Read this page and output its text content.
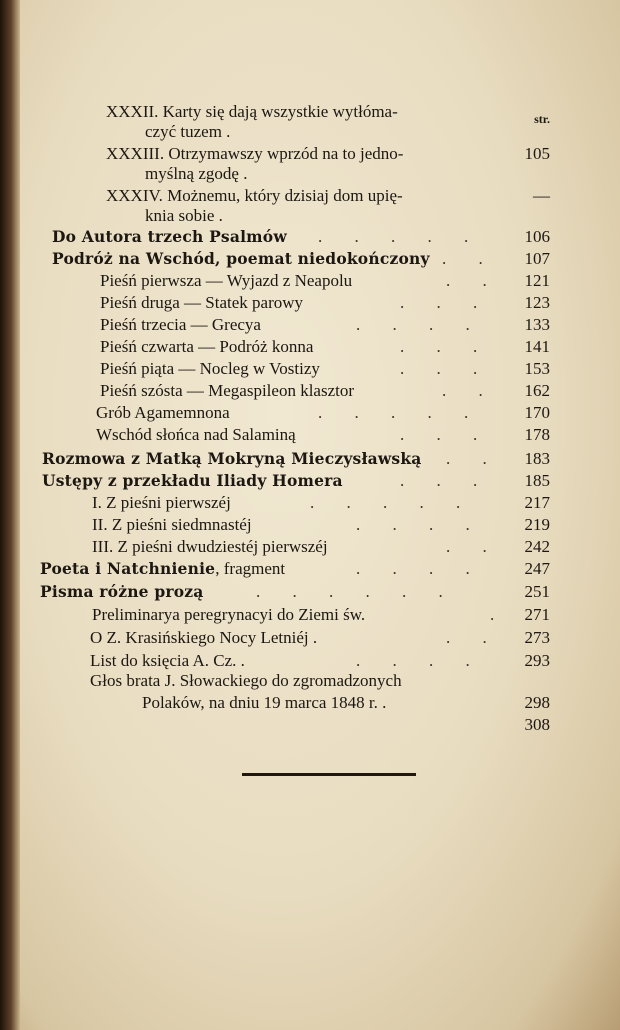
str.
XXXII. Karty się dają wszystkie wytłóma-
czyć tuzem .
XXXIII. Otrzymawszy wprzód na to jedno-	105
myślną zgodę .
XXXIV. Możnemu, który dzisiaj dom upię-	—
knia sobie .
Do Autora trzech Psalmów . . . . . 106
Podróż na Wschód, poemat niedokończony . . 107
Pieśń pierwsza — Wyjazd z Neapolu	. . 121
Pieśń druga — Statek parowy	. . . 123
Pieśń trzecia — Grecya	. . . . 133
Pieśń czwarta — Podróż konna	. . . 141
Pieśń piąta — Nocleg w Vostizy	. . . 153
Pieśń szósta — Megaspileon klasztor	. . 162
Grób Agamemnona	. . . . . 170
Wschód słońca nad Salaminą	. . . 178
Rozmowa z Matką Mokryną Mieczysławską . . 183
Ustępy z przekładu Iliady Homera	. . . 185
I. Z pieśni pierwszéj	. . . . .	217
II. Z pieśni siedmnastéj	. . . . 219
III. Z pieśni dwudziestéj pierwszéj	. . 242
Poeta i Natchnienie, fragment	. . . . 247
Pisma różne prozą	. . . . . .	251
Preliminarya peregrynacyi do Ziemi św.	. 271
O Z. Krasińskiego Nocy Letniéj .	. . 273
List do księcia A. Cz. .	. . . . 293
Głos brata J. Słowackiego do zgromadzonych
Polaków, na dniu 19 marca 1848 r. .	298
308
